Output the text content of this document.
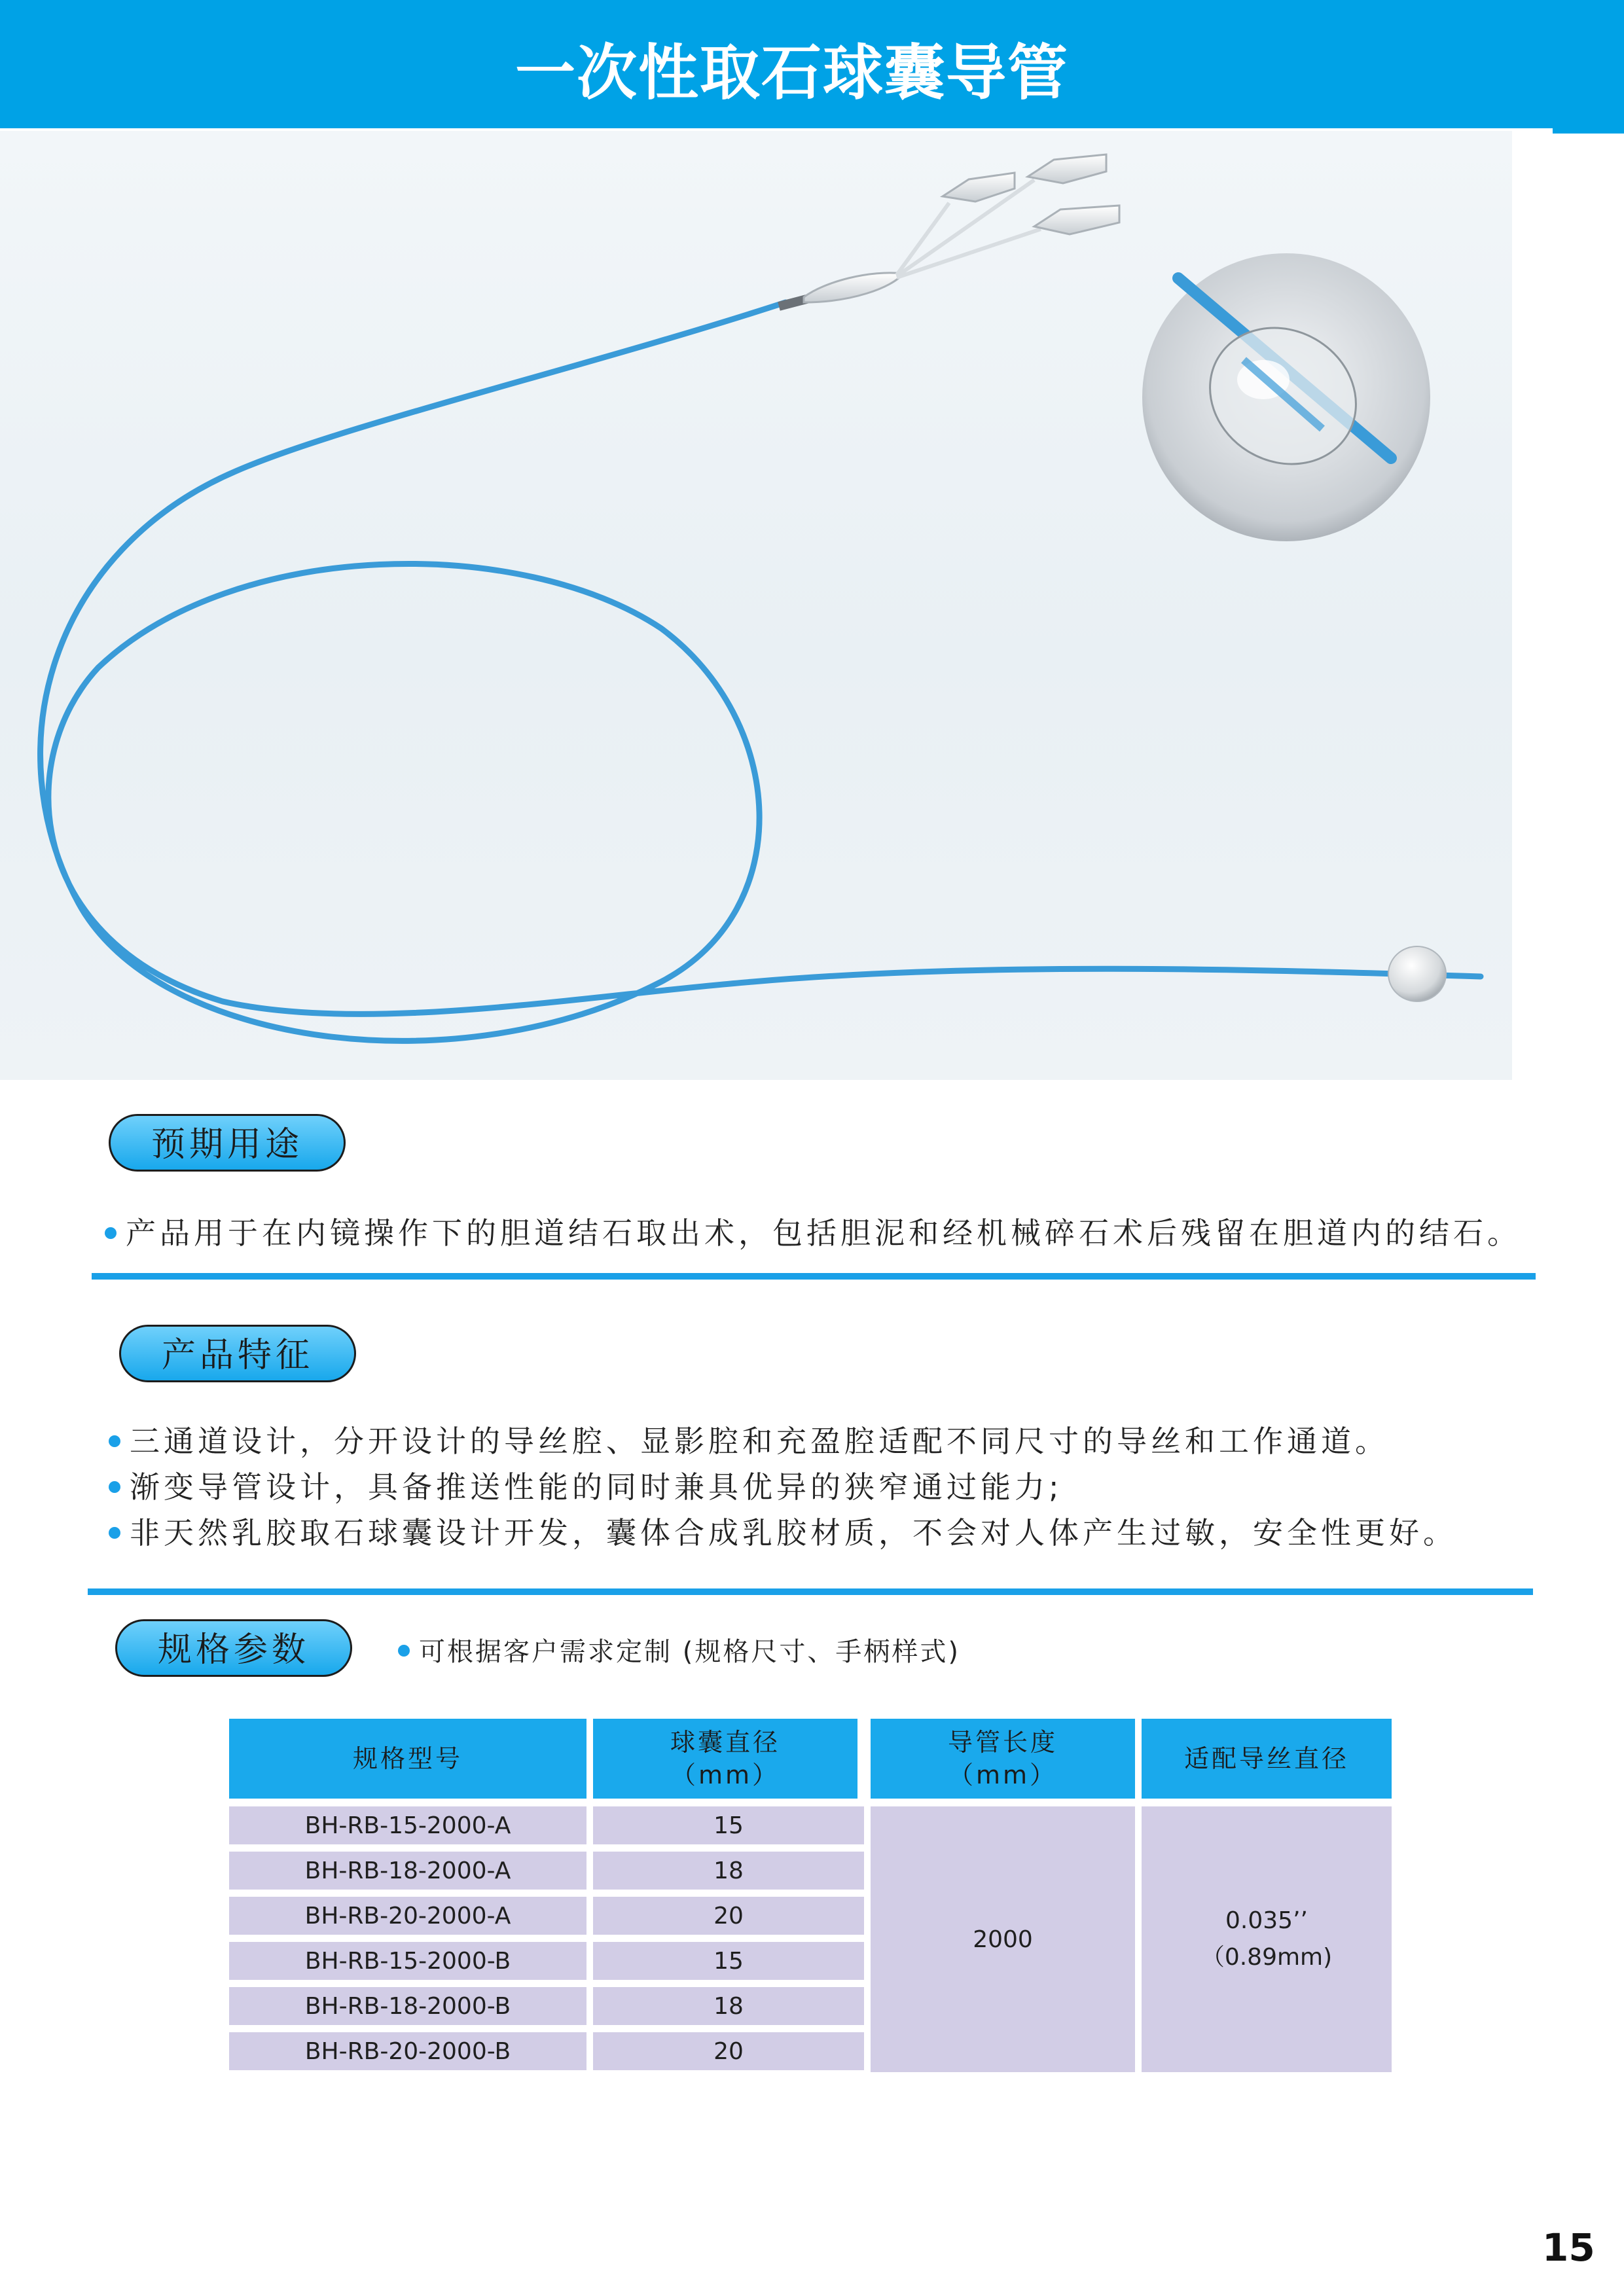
一次性取石球囊导管
预期用途
产品用于在内镜操作下的胆道结石取出术，包括胆泥和经机械碎石术后残留在胆道内的结石。
产品特征
三通道设计，分开设计的导丝腔、显影腔和充盈腔适配不同尺寸的导丝和工作通道。
渐变导管设计，具备推送性能的同时兼具优异的狭窄通过能力;
非天然乳胶取石球囊设计开发，囊体合成乳胶材质，不会对人体产生过敏，安全性更好。
规格参数	可根据客户需求定制 (规格尺寸、手柄样式)
规格型号
球囊直径
（mm）
导管长度
（mm）
适配导丝直径
BH-RB-15-2000-A
BH-RB-18-2000-A
BH-RB-20-2000-A
BH-RB-15-2000-B
BH-RB-18-2000-B
BH-RB-20-2000-B
15
18
20
15
18
20
2000
0.035’’
（0.89mm)
15
